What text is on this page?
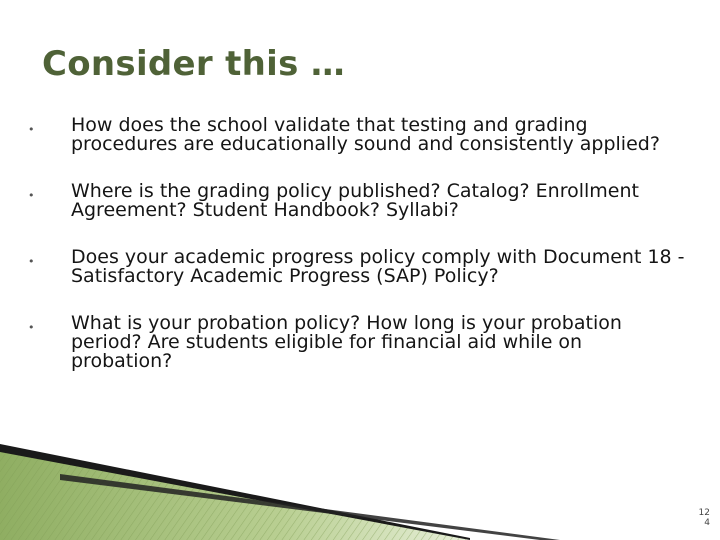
Consider this …
• How does the school validate that testing and grading procedures are educationally sound and consistently applied?
• Where is the grading policy published? Catalog? Enrollment Agreement? Student Handbook? Syllabi?
• Does your academic progress policy comply with Document 18 - Satisfactory Academic Progress (SAP) Policy?
• What is your probation policy? How long is your probation period? Are students eligible for financial aid while on probation?
12
4
